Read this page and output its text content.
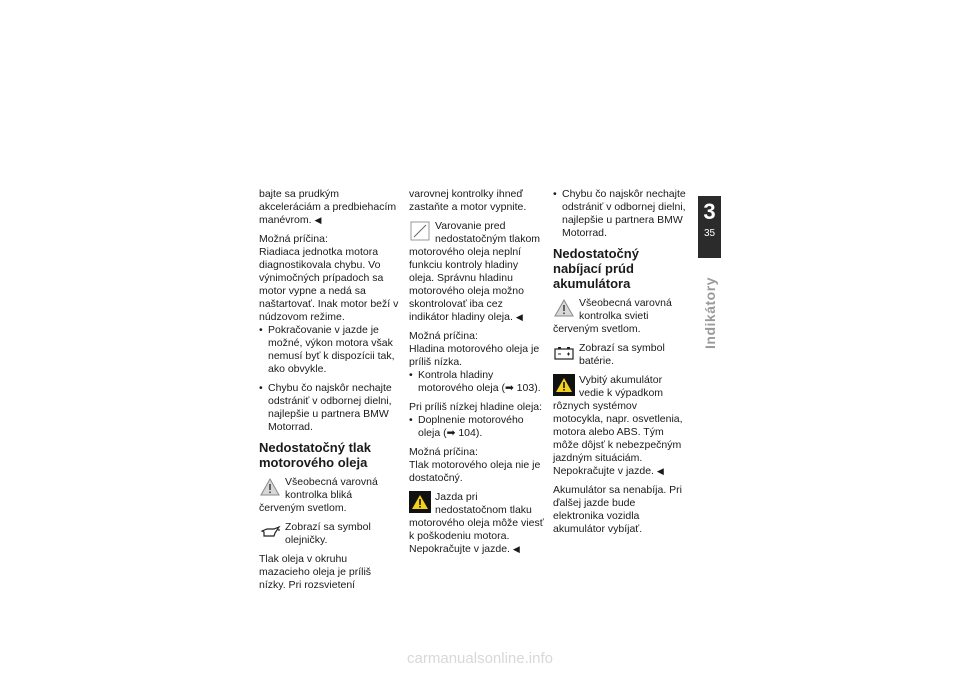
bajte sa prudkým akceleráciám a predbiehacím manévrom. ◀

Možná príčina:

Riadiaca jednotka motora diagnostikovala chybu. Vo výnimočných prípadoch sa motor vypne a nedá sa naštartovať. Inak motor beží v núdzovom režime.

• Pokračovanie v jazde je možné, výkon motora však nemusí byť k dispozícii tak, ako obvykle.

• Chybu čo najskôr nechajte odstrániť v odbornej dielni, najlepšie u partnera BMW Motorrad.

Nedostatočný tlak motorového oleja
Všeobecná varovná kontrolka bliká červeným svetlom.
Zobrazí sa symbol olejničky.

Tlak oleja v okruhu mazacieho oleja je príliš nízky. Pri rozsvietení

varovnej kontrolky ihneď zastaňte a motor vypnite.

Varovanie pred nedostatočným tlakom motorového oleja neplní funkciu kontroly hladiny oleja. Správnu hladinu motorového oleja možno skontrolovať iba cez indikátor hladiny oleja. ◀

Možná príčina:

Hladina motorového oleja je príliš nízka.

• Kontrola hladiny motorového oleja (➡ 103).

Pri príliš nízkej hladine oleja:

• Doplnenie motorového oleja (➡ 104).

Možná príčina:

Tlak motorového oleja nie je dostatočný.

Jazda pri nedostatočnom tlaku motorového oleja môže viesť k poškodeniu motora. Nepokračujte v jazde. ◀

• Chybu čo najskôr nechajte odstrániť v odbornej dielni, najlepšie u partnera BMW Motorrad.

Nedostatočný nabíjací prúd akumulátora
Všeobecná varovná kontrolka svieti červeným svetlom.
Zobrazí sa symbol batérie.
Vybitý akumulátor vedie k výpadkom rôznych systémov motocykla, napr. osvetlenia, motora alebo ABS. Tým môže dôjsť k nebezpečným jazdným situáciám.
Nepokračujte v jazde. ◀

Akumulátor sa nenabíja. Pri ďalšej jazde bude elektronika vozidla akumulátor vybíjať.

3
35
Indikátory
carmanualsonline.info
